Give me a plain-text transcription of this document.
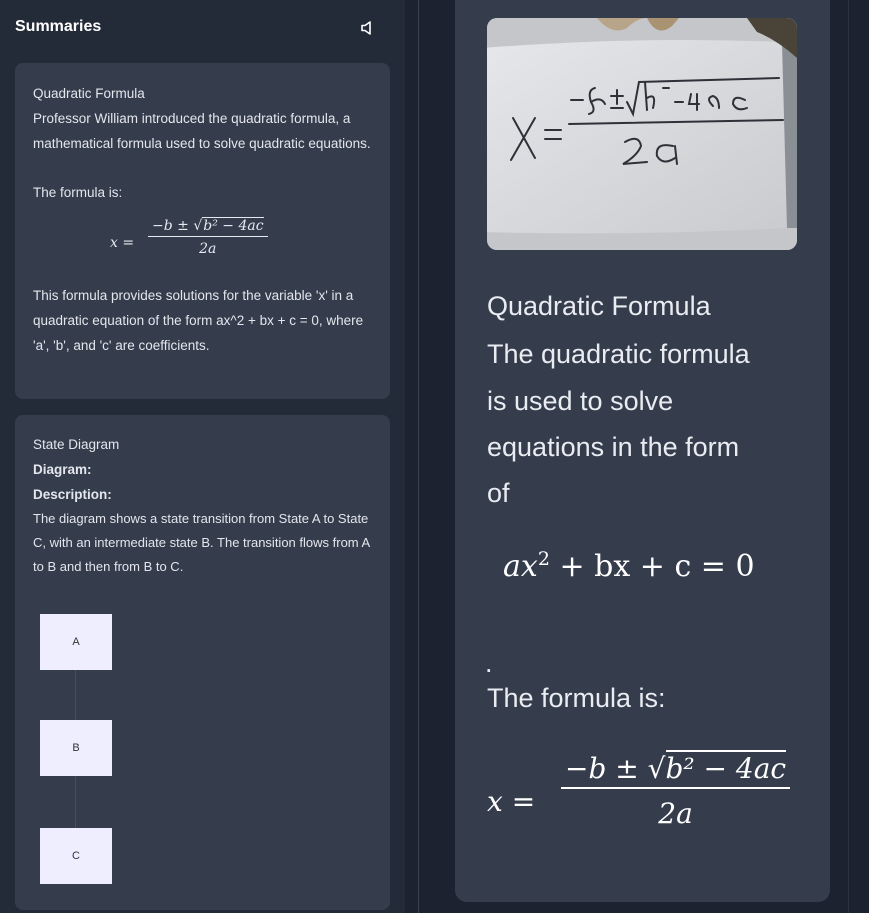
Summaries
Quadratic Formula
Professor William introduced the quadratic formula, a mathematical formula used to solve quadratic equations.
The formula is:
$x = \frac{\text{−b ± √b² − 4ac}}{2a}$
This formula provides solutions for the variable 'x' in a quadratic equation of the form ax^2 + bx + c = 0, where 'a', 'b', and 'c' are coefficients.
State Diagram
Diagram:
Description:
The diagram shows a state transition from State A to State C, with an intermediate state B. The transition flows from A to B and then from B to C.
A
B
C
Quadratic Formula
The quadratic formula
is used to solve
equations in the form
of
$ax^2$ + bx + c = 0
.
The formula is:
$x = \frac{\text{−b ± √b² − 4ac}}{2a}$
